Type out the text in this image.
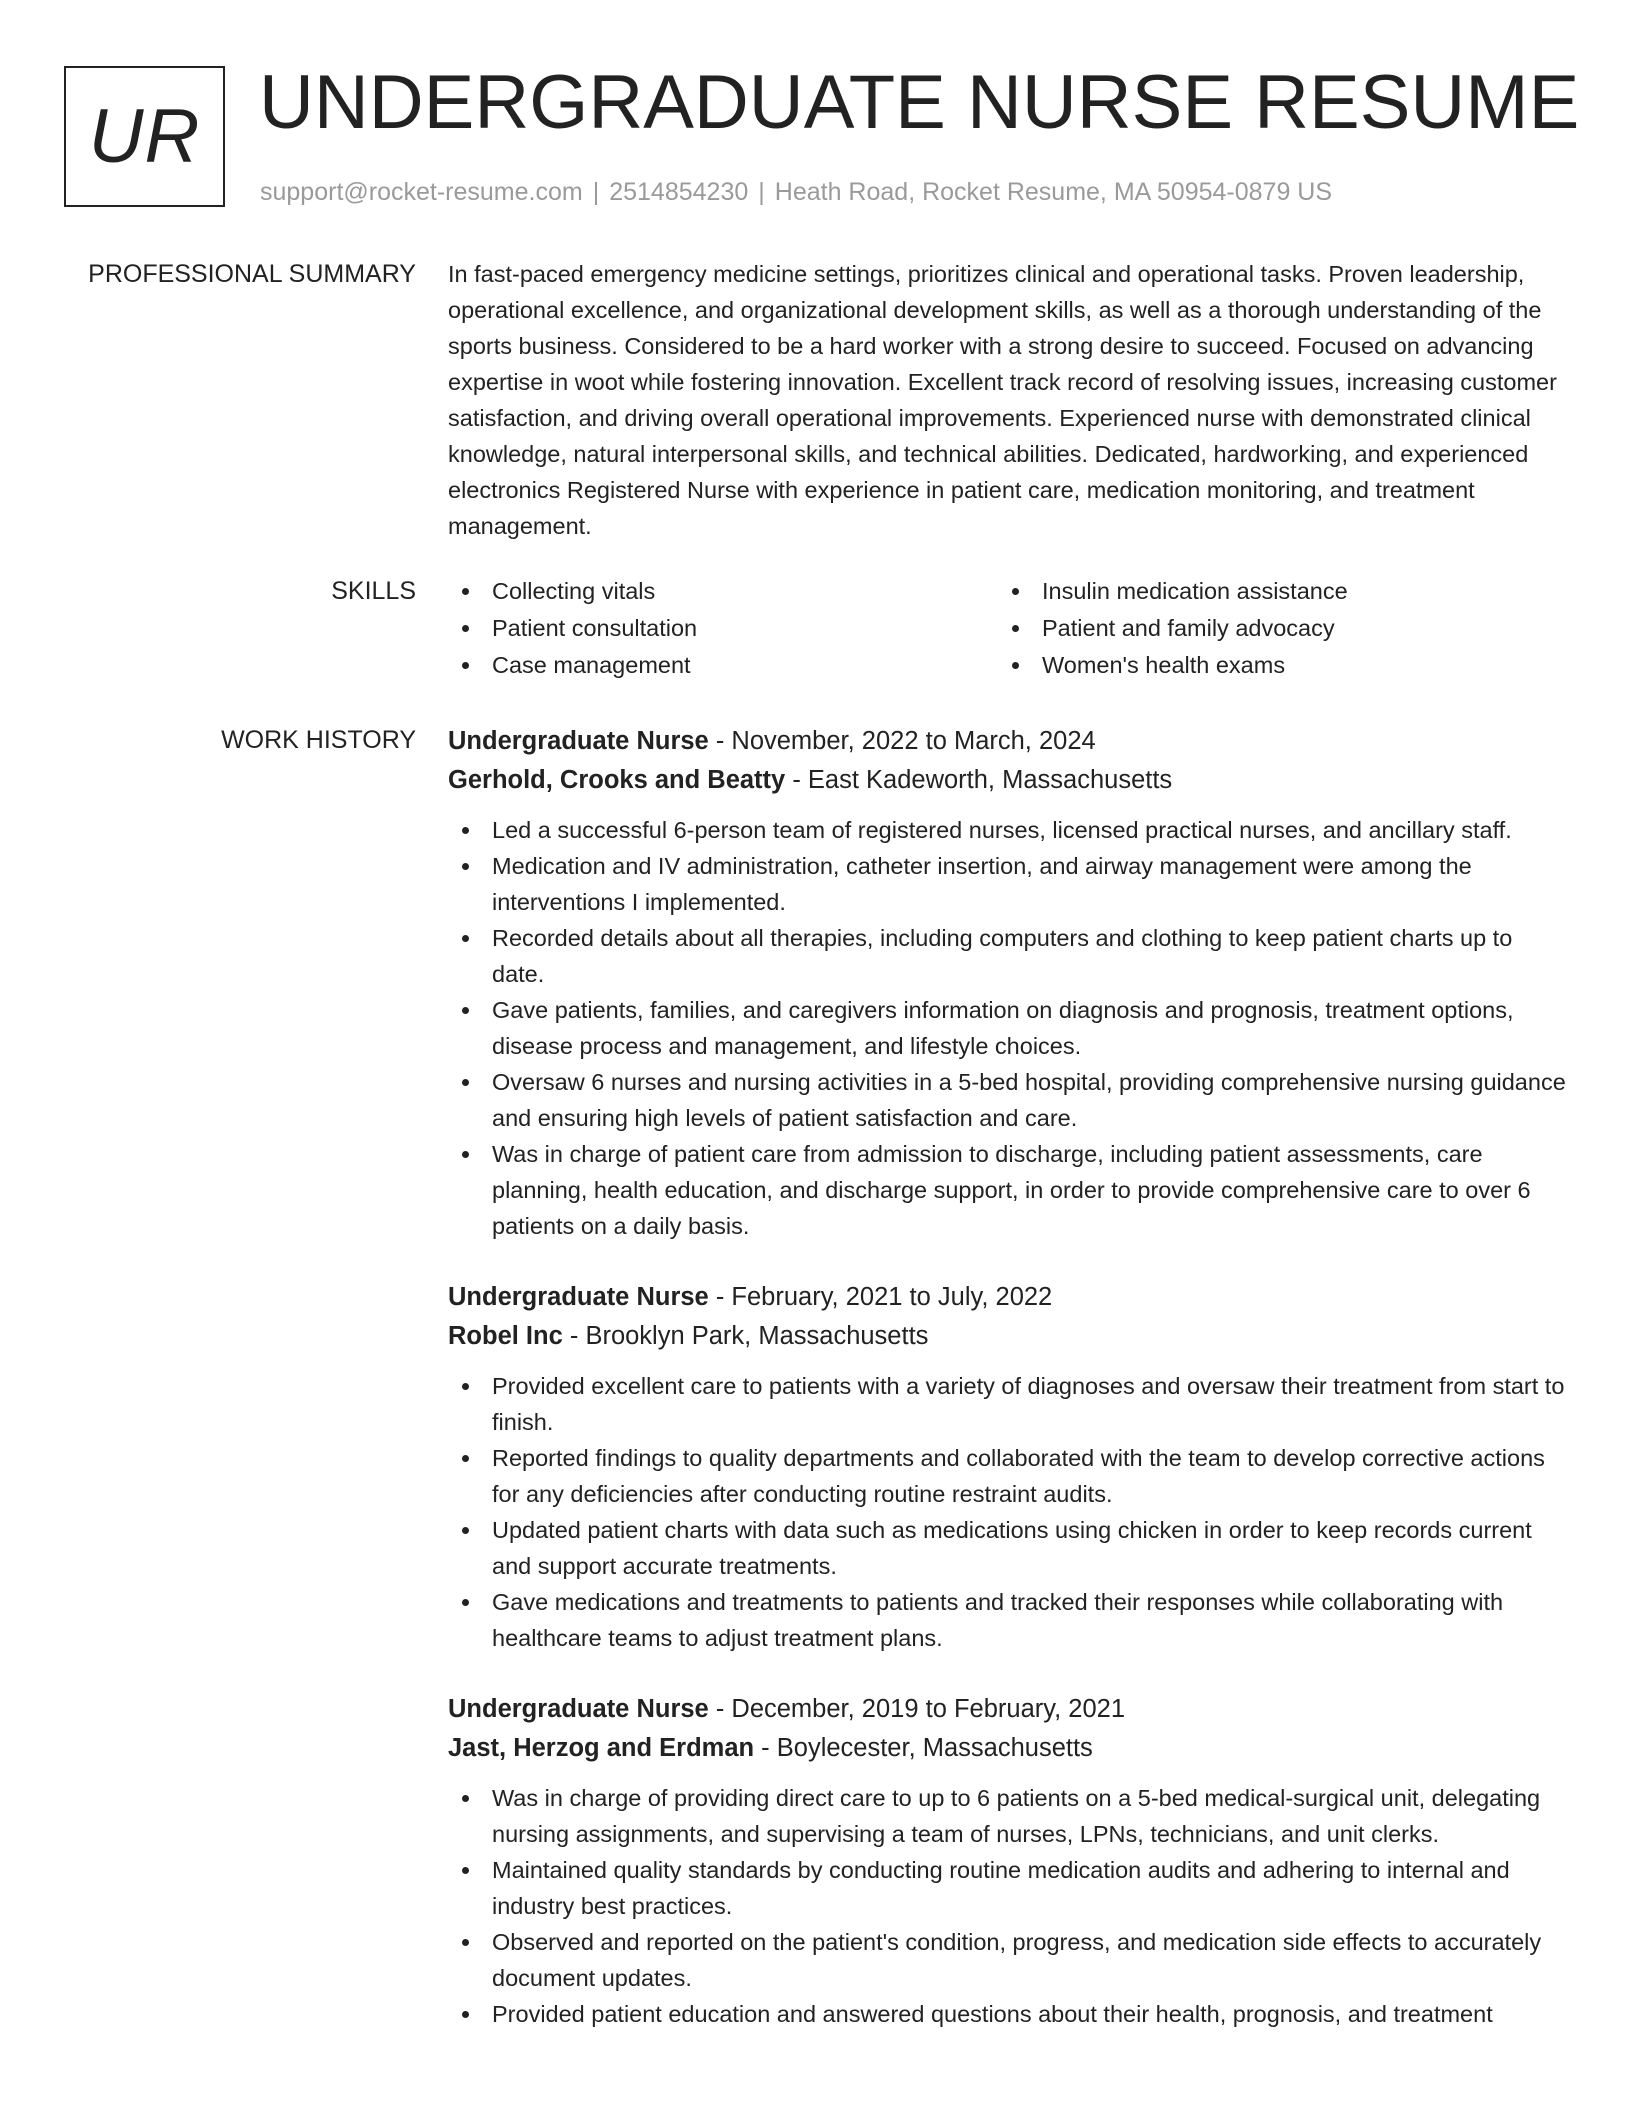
UR UNDERGRADUATE NURSE RESUME
support@rocket-resume.com | 2514854230 | Heath Road, Rocket Resume, MA 50954-0879 US
PROFESSIONAL SUMMARY In fast-paced emergency medicine settings, prioritizes clinical and operational tasks. Proven leadership, operational excellence, and organizational development skills, as well as a thorough understanding of the sports business. Considered to be a hard worker with a strong desire to succeed. Focused on advancing expertise in woot while fostering innovation. Excellent track record of resolving issues, increasing customer satisfaction, and driving overall operational improvements. Experienced nurse with demonstrated clinical knowledge, natural interpersonal skills, and technical abilities. Dedicated, hardworking, and experienced electronics Registered Nurse with experience in patient care, medication monitoring, and treatment management.

SKILLS	Collecting vitals
Patient consultation
Case management
Insulin medication assistance
Patient and family advocacy
Women's health exams
WORK HISTORY Undergraduate Nurse - November, 2022 to March, 2024
Gerhold, Crooks and Beatty - East Kadeworth, Massachusetts
Led a successful 6-person team of registered nurses, licensed practical nurses, and ancillary staff.
Medication and IV administration, catheter insertion, and airway management were among the interventions I implemented.
Recorded details about all therapies, including computers and clothing to keep patient charts up to date.
Gave patients, families, and caregivers information on diagnosis and prognosis, treatment options, disease process and management, and lifestyle choices.
Oversaw 6 nurses and nursing activities in a 5-bed hospital, providing comprehensive nursing guidance and ensuring high levels of patient satisfaction and care.
Was in charge of patient care from admission to discharge, including patient assessments, care planning, health education, and discharge support, in order to provide comprehensive care to over 6 patients on a daily basis.
Undergraduate Nurse - February, 2021 to July, 2022
Robel Inc - Brooklyn Park, Massachusetts
Provided excellent care to patients with a variety of diagnoses and oversaw their treatment from start to finish.
Reported findings to quality departments and collaborated with the team to develop corrective actions for any deficiencies after conducting routine restraint audits.
Updated patient charts with data such as medications using chicken in order to keep records current and support accurate treatments.
Gave medications and treatments to patients and tracked their responses while collaborating with healthcare teams to adjust treatment plans.
Undergraduate Nurse - December, 2019 to February, 2021
Jast, Herzog and Erdman - Boylecester, Massachusetts
Was in charge of providing direct care to up to 6 patients on a 5-bed medical-surgical unit, delegating nursing assignments, and supervising a team of nurses, LPNs, technicians, and unit clerks.
Maintained quality standards by conducting routine medication audits and adhering to internal and industry best practices.
Observed and reported on the patient's condition, progress, and medication side effects to accurately document updates.
Provided patient education and answered questions about their health, prognosis, and treatment
